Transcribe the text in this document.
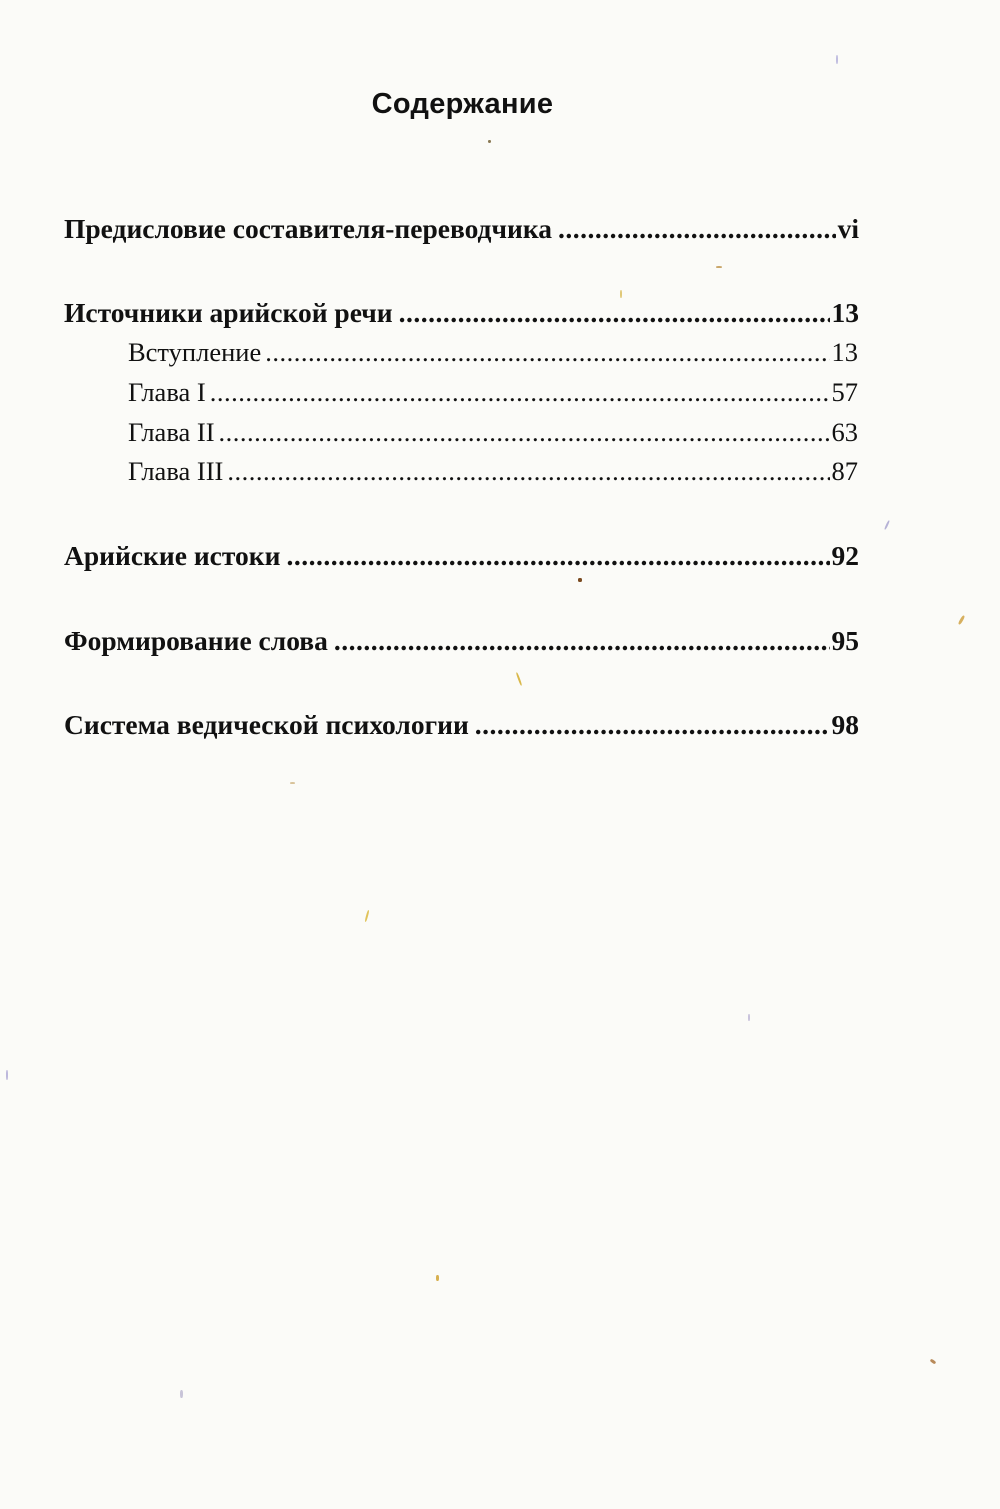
Содержание
Предисловие составителя-переводчика .....	vi
Источники арийской речи .....	13
Вступление .....	13
Глава I .....	57
Глава II .....	63
Глава III .....	87
Арийские истоки .....	92
Формирование слова .....	95
Система ведической психологии .....	98
